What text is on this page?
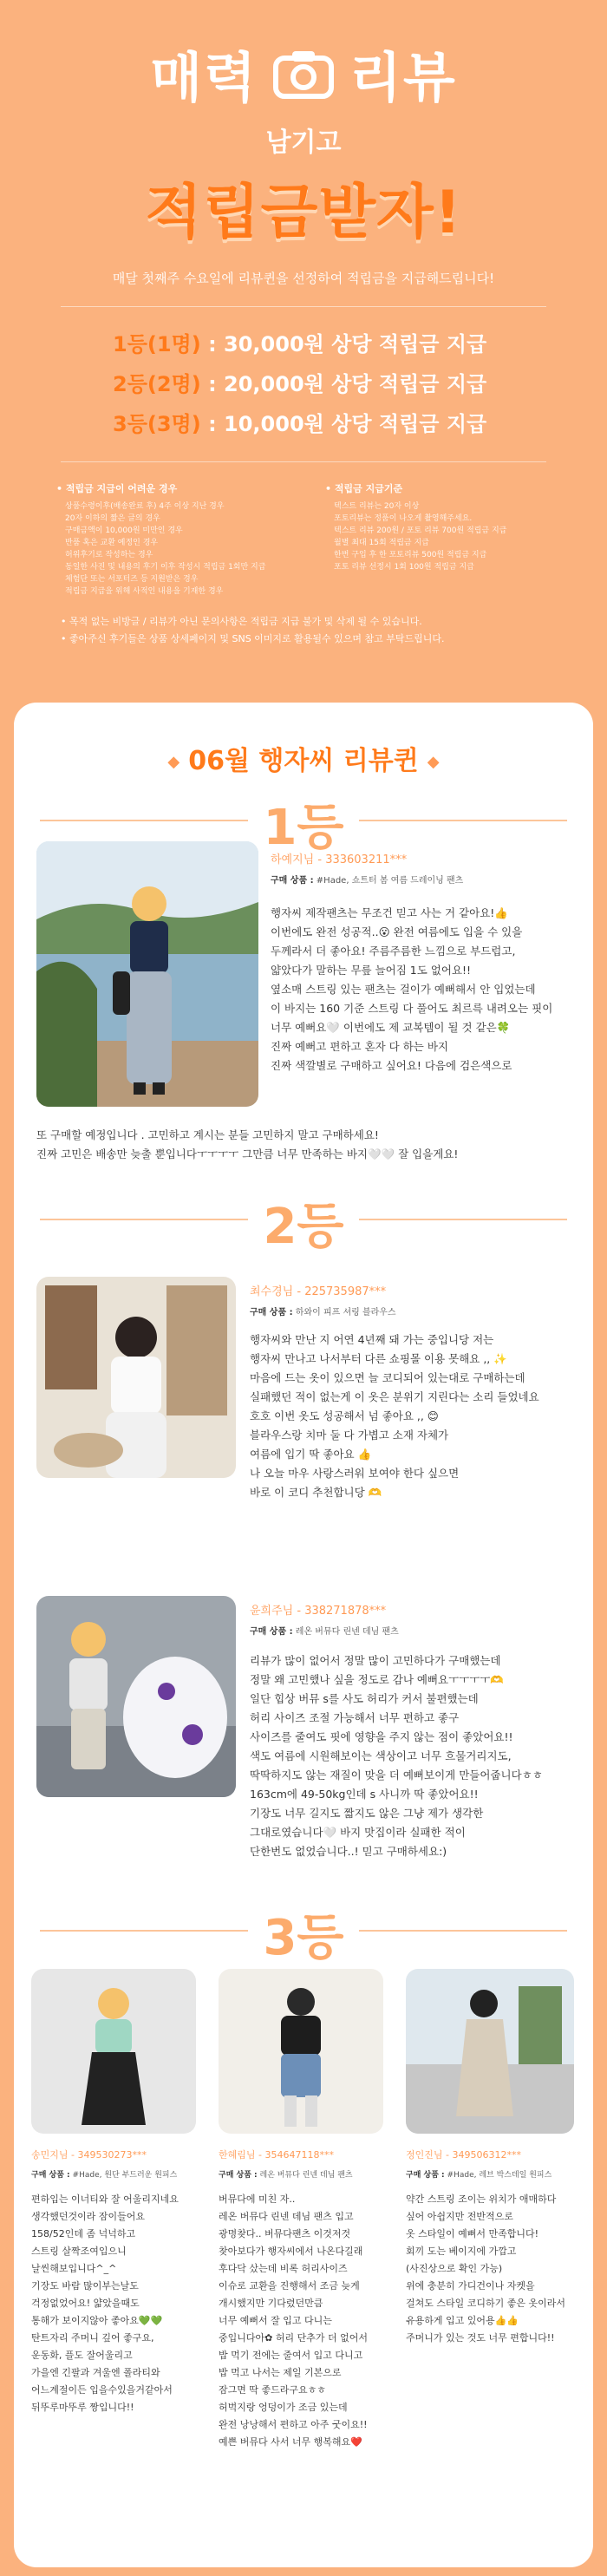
매력 리뷰
남기고
적립금받자!
매달 첫째주 수요일에 리뷰퀸을 선정하여 적립금을 지급해드립니다!
1등(1명) : 30,000원 상당 적립금 지급
2등(2명) : 20,000원 상당 적립금 지급
3등(3명) : 10,000원 상당 적립금 지급
• 적립금 지급이 어려운 경우
상품수령이후(배송완료 후) 4주 이상 지난 경우
20자 이하의 짧은 글의 경우
구매금액이 10,000원 미만인 경우
반품 혹은 교환 예정인 경우
허위후기로 작성하는 경우
동일한 사진 및 내용의 후기 이후 작성시 적립금 1회만 지급
체험단 또는 서포터즈 등 지원받은 경우
적립금 지급을 위해 사적인 내용을 기재한 경우
• 적립금 지급기준
텍스트 리뷰는 20자 이상
포토리뷰는 정품이 나오게 촬영해주세요.
텍스트 리뷰 200원 / 포토 리뷰 700원 적립금 지급
월별 최대 15회 적립금 지급
한번 구입 후 한 포토리뷰 500원 적립금 지급
포토 리뷰 선정시 1회 100원 적립금 지급
• 목적 없는 비방글 / 리뷰가 아닌 문의사항은 적립금 지급 불가 및 삭제 될 수 있습니다.
• 좋아주신 후기들은 상품 상세페이지 및 SNS 이미지로 활용될수 있으며 참고 부탁드립니다.
◆ 06월 행자씨 리뷰퀸 ◆
1등
하예지님 - 333603211***
구매 상품 : #Hade, 쇼트터 봄 여름 드레이닝 팬츠
행자씨 제작팬츠는 무조건 믿고 사는 거 같아요!👍
이번에도 완전 성공적..😮 완전 여름에도 입을 수 있을
두께라서 더 좋아요! 주름주름한 느낌으로 부드럽고,
얇았다가 말하는 무릎 늘어짐 1도 없어요!!
옆소매 스트링 있는 팬츠는 걸이가 예뻐해서 안 입었는데
이 바지는 160 기준 스트링 다 풀어도 최르륵 내려오는 핏이
너무 예뻐요🤍 이번에도 제 교복템이 될 것 같은🍀
진짜 예뻐고 편하고 혼자 다 하는 바지
진짜 색깔별로 구매하고 싶어요! 다음에 검은색으로
또 구매할 예정입니다 . 고민하고 계시는 분들 고민하지 말고 구매하세요!
진짜 고민은 배송만 늦출 뿐입니다ㅜㅜㅜㅜ 그만큼 너무 만족하는 바지🤍🤍 잘 입을게요!
2등
최수경님 - 225735987***
구매 상품 : 하와이 피프 셔링 블라우스
행자씨와 만난 지 어연 4년째 돼 가는 중입니당 저는
행자씨 만나고 나서부터 다른 쇼핑몰 이용 못해요 ,, ✨
마음에 드는 옷이 있으면 늘 코디되어 있는대로 구매하는데
실패했던 적이 없는게 이 옷은 분위기 지린다는 소리 들었네요
호호 이번 옷도 성공해서 넘 좋아요 ,, 😊
블라우스랑 치마 둘 다 가볍고 소재 자체가
여름에 입기 딱 좋아요 👍
나 오늘 마우 사랑스러워 보여야 한다 싶으면
바로 이 코디 추천합니당 🫶
윤희주님 - 338271878***
구매 상품 : 레온 버뮤다 린넨 데님 팬츠
리뷰가 많이 없어서 정말 많이 고민하다가 구매했는데
정말 왜 고민했나 싶을 정도로 감나 예뻐요ㅜㅜㅜㅜ🫶
일단 힙상 버뮤 s를 사도 허리가 커서 불편했는데
허리 사이즈 조절 가능해서 너무 편하고 좋구
사이즈를 줄여도 핏에 영향을 주지 않는 점이 좋았어요!!
색도 여름에 시원해보이는 색상이고 너무 흐물거리지도,
딱딱하지도 않는 재질이 맞을 더 예뻐보이게 만들어줍니다ㅎㅎ
163cm에 49-50kg인데 s 사니까 딱 좋았어요!!
기장도 너무 길지도 짧지도 않은 그냥 제가 생각한
그대로였습니다🤍 바지 맛집이라 실패한 적이
단한번도 없었습니다..! 믿고 구매하세요:)
3등
송민지님 - 349530273***
구매 상품 : #Hade, 원단 부드러운 원피스
편하입는 이너티와 잘 어울리지네요
생각했던것이라 잠이들어요
158/52인데 좀 넉넉하고
스트링 살짝조여입으니
날씬해보입니다^_^
기장도 바람 많이부는날도
걱정없었어요! 얇았을때도
통해가 보이지않아 좋아요💚💚
탄트자리 주머니 깊어 좋구요,
운동화, 플도 잘어울리고
가을엔 긴팔과 겨울엔 폴라티와
어느계절이든 입을수있을거같아서
뒤뚜루마뚜루 짱입니다!!
한혜림님 - 354647118***
구매 상품 : 레온 버뮤다 린넨 데님 팬츠
버뮤다에 미친 자..
레온 버뮤다 린넨 데님 팬츠 입고
광명찾다.. 버뮤다팬츠 이것저것
찾아보다가 행자씨에서 나온다길래
후다닥 샀는데 비록 허리사이즈
이슈로 교환을 진행해서 조금 늦게
개시했지만 기다렸던만큼
너무 예뻐서 잘 입고 다니는
중입니다아✿ 허리 단추가 더 없어서
밥 먹기 전에는 줄여서 입고 다니고
밥 먹고 나서는 제일 기본으로
잠그면 딱 좋드라구요ㅎㅎ
허벅지랑 엉덩이가 조금 있는데
완전 낭낭해서 편하고 아주 굿이요!!
예쁜 버뮤다 사서 너무 행복해요❤️
정인진님 - 349506312***
구매 상품 : #Hade, 레브 박스데일 원피스
약간 스트링 조이는 위치가 애매하다
싶어 아쉽지만 전반적으로
옷 스타일이 예뻐서 만족합니다!
회끼 도는 베이지에 가깝고
(사진상으로 확인 가능)
위에 충분히 가디건이나 자켓을
걸쳐도 스타일 코디하기 좋은 옷이라서
유용하게 입고 있어용👍👍
주머니가 있는 것도 너무 편합니다!!
